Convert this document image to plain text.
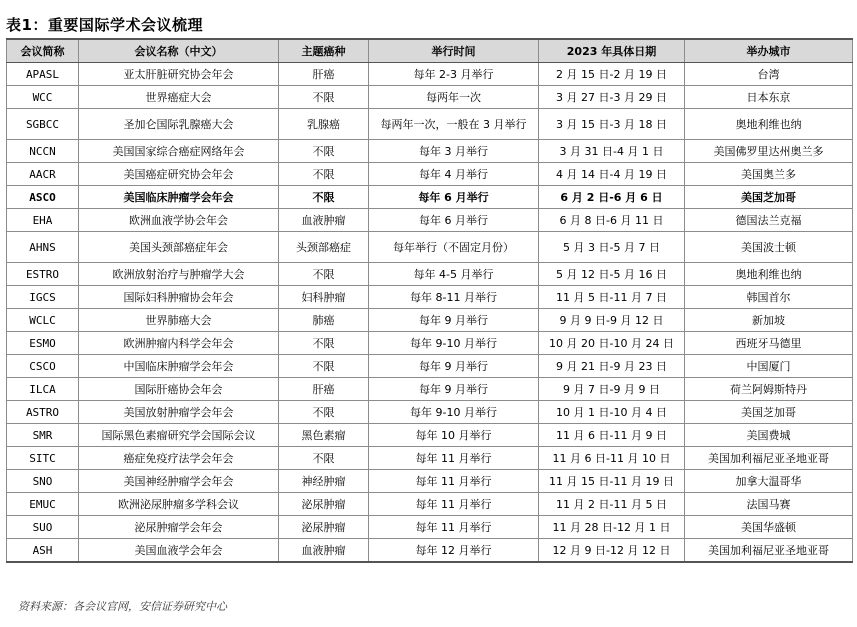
表1：重要国际学术会议梳理
会议简称	会议名称（中文）	主题癌种	举行时间	2023 年具体日期	举办城市
APASL	亚太肝脏研究协会年会	肝癌	每年 2-3 月举行	2 月 15 日-2 月 19 日	台湾
WCC	世界癌症大会	不限	每两年一次	3 月 27 日-3 月 29 日	日本东京
SGBCC	圣加仑国际乳腺癌大会	乳腺癌	每两年一次，一般在 3 月举行	3 月 15 日-3 月 18 日	奥地利维也纳
NCCN	美国国家综合癌症网络年会	不限	每年 3 月举行	3 月 31 日-4 月 1 日	美国佛罗里达州奥兰多
AACR	美国癌症研究协会年会	不限	每年 4 月举行	4 月 14 日-4 月 19 日	美国奥兰多
ASCO	美国临床肿瘤学会年会	不限	每年 6 月举行	6 月 2 日-6 月 6 日	美国芝加哥
EHA	欧洲血液学协会年会	血液肿瘤	每年 6 月举行	6 月 8 日-6 月 11 日	德国法兰克福
AHNS	美国头颈部癌症年会	头颈部癌症	每年举行（不固定月份）	5 月 3 日-5 月 7 日	美国波士顿
ESTRO	欧洲放射治疗与肿瘤学大会	不限	每年 4-5 月举行	5 月 12 日-5 月 16 日	奥地利维也纳
IGCS	国际妇科肿瘤协会年会	妇科肿瘤	每年 8-11 月举行	11 月 5 日-11 月 7 日	韩国首尔
WCLC	世界肺癌大会	肺癌	每年 9 月举行	9 月 9 日-9 月 12 日	新加坡
ESMO	欧洲肿瘤内科学会年会	不限	每年 9-10 月举行	10 月 20 日-10 月 24 日	西班牙马德里
CSCO	中国临床肿瘤学会年会	不限	每年 9 月举行	9 月 21 日-9 月 23 日	中国厦门
ILCA	国际肝癌协会年会	肝癌	每年 9 月举行	9 月 7 日-9 月 9 日	荷兰阿姆斯特丹
ASTRO	美国放射肿瘤学会年会	不限	每年 9-10 月举行	10 月 1 日-10 月 4 日	美国芝加哥
SMR	国际黑色素瘤研究学会国际会议	黑色素瘤	每年 10 月举行	11 月 6 日-11 月 9 日	美国费城
SITC	癌症免疫疗法学会年会	不限	每年 11 月举行	11 月 6 日-11 月 10 日	美国加利福尼亚圣地亚哥
SNO	美国神经肿瘤学会年会	神经肿瘤	每年 11 月举行	11 月 15 日-11 月 19 日	加拿大温哥华
EMUC	欧洲泌尿肿瘤多学科会议	泌尿肿瘤	每年 11 月举行	11 月 2 日-11 月 5 日	法国马赛
SUO	泌尿肿瘤学会年会	泌尿肿瘤	每年 11 月举行	11 月 28 日-12 月 1 日	美国华盛顿
ASH	美国血液学会年会	血液肿瘤	每年 12 月举行	12 月 9 日-12 月 12 日	美国加利福尼亚圣地亚哥
资料来源：各会议官网，安信证券研究中心
